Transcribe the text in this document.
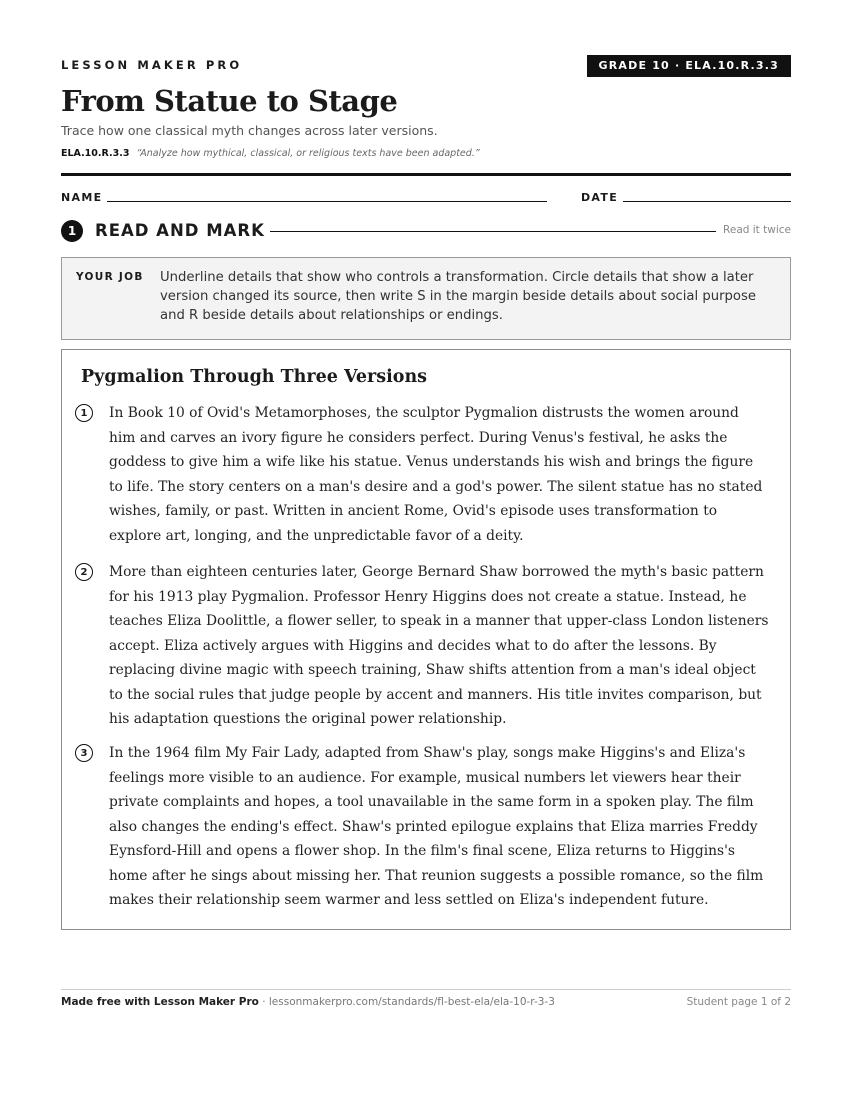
LESSON MAKER PRO	GRADE 10 · ELA.10.R.3.3
From Statue to Stage
Trace how one classical myth changes across later versions.
ELA.10.R.3.3 “Analyze how mythical, classical, or religious texts have been adapted.”
NAME	DATE
1	READ AND MARK	Read it twice
YOUR JOB Underline details that show who controls a transformation. Circle details that show a later version changed its source, then write S in the margin beside details about social purpose and R beside details about relationships or endings.
Pygmalion Through Three Versions
1	In Book 10 of Ovid's Metamorphoses, the sculptor Pygmalion distrusts the women around him and carves an ivory figure he considers perfect. During Venus's festival, he asks the goddess to give him a wife like his statue. Venus understands his wish and brings the figure to life. The story centers on a man's desire and a god's power. The silent statue has no stated wishes, family, or past. Written in ancient Rome, Ovid's episode uses transformation to explore art, longing, and the unpredictable favor of a deity.

2	More than eighteen centuries later, George Bernard Shaw borrowed the myth's basic pattern for his 1913 play Pygmalion. Professor Henry Higgins does not create a statue. Instead, he teaches Eliza Doolittle, a flower seller, to speak in a manner that upper-class London listeners accept. Eliza actively argues with Higgins and decides what to do after the lessons. By replacing divine magic with speech training, Shaw shifts attention from a man's ideal object to the social rules that judge people by accent and manners. His title invites comparison, but his adaptation questions the original power relationship.

3	In the 1964 film My Fair Lady, adapted from Shaw's play, songs make Higgins's and Eliza's feelings more visible to an audience. For example, musical numbers let viewers hear their private complaints and hopes, a tool unavailable in the same form in a spoken play. The film also changes the ending's effect. Shaw's printed epilogue explains that Eliza marries Freddy Eynsford-Hill and opens a flower shop. In the film's final scene, Eliza returns to Higgins's home after he sings about missing her. That reunion suggests a possible romance, so the film makes their relationship seem warmer and less settled on Eliza's independent future.

Made free with Lesson Maker Pro · lessonmakerpro.com/standards/fl-best-ela/ela-10-r-3-3	Student page 1 of 2
